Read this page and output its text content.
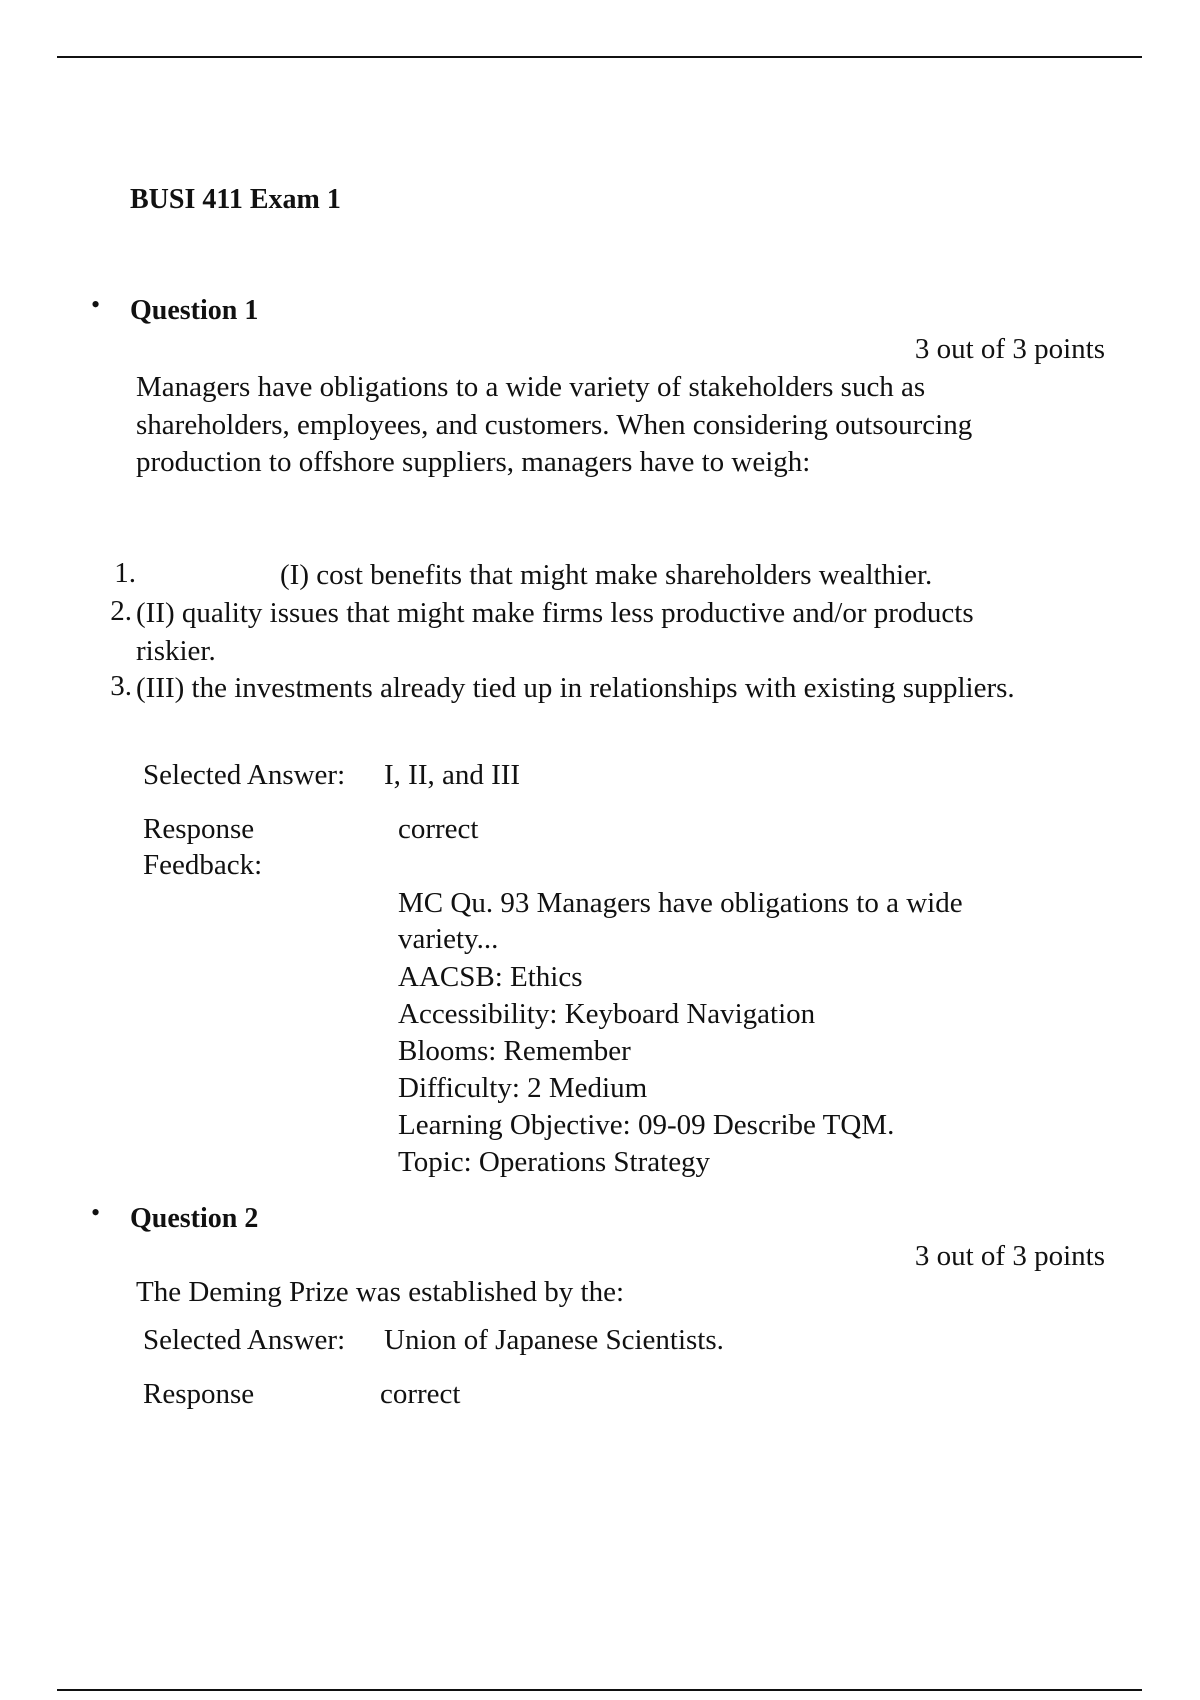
BUSI 411 Exam 1
• Question 1
3 out of 3 points
Managers have obligations to a wide variety of stakeholders such as shareholders, employees, and customers. When considering outsourcing production to offshore suppliers, managers have to weigh:
1.	(I) cost benefits that might make shareholders wealthier.
2. (II) quality issues that might make firms less productive and/or products riskier.
3. (III) the investments already tied up in relationships with existing suppliers.
Selected Answer: I, II, and III
Response Feedback:
correct
MC Qu. 93 Managers have obligations to a wide variety...
AACSB: Ethics
Accessibility: Keyboard Navigation
Blooms: Remember
Difficulty: 2 Medium
Learning Objective: 09-09 Describe TQM.
Topic: Operations Strategy
• Question 2
3 out of 3 points
The Deming Prize was established by the:
Selected Answer: Union of Japanese Scientists.
Response	correct
